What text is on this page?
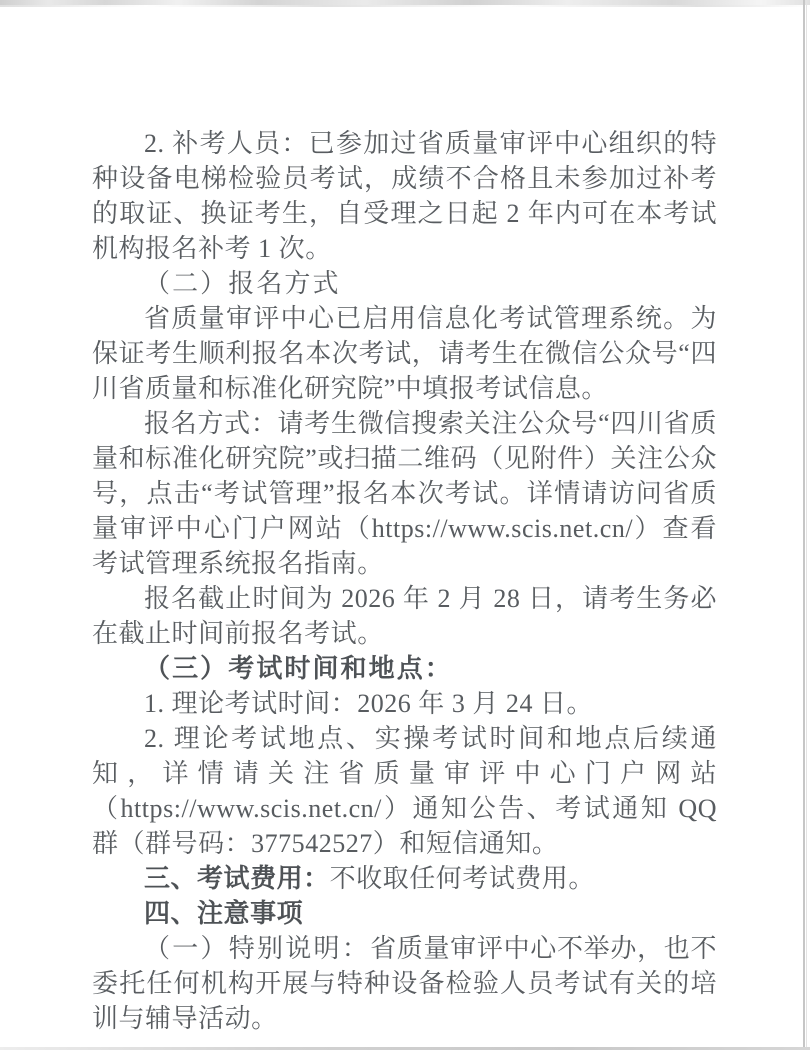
2. 补考人员：已参加过省质量审评中心组织的特种设备电梯检验员考试，成绩不合格且未参加过补考的取证、换证考生，自受理之日起 2 年内可在本考试机构报名补考 1 次。

（二）报名方式

省质量审评中心已启用信息化考试管理系统。为保证考生顺利报名本次考试，请考生在微信公众号“四川省质量和标准化研究院”中填报考试信息。

报名方式：请考生微信搜索关注公众号“四川省质量和标准化研究院”或扫描二维码（见附件）关注公众号，点击“考试管理”报名本次考试。详情请访问省质量审评中心门户网站（https://www.scis.net.cn/）查看考试管理系统报名指南。

报名截止时间为 2026 年 2 月 28 日，请考生务必在截止时间前报名考试。

（三）考试时间和地点：

1. 理论考试时间：2026 年 3 月 24 日。

2. 理论考试地点、实操考试时间和地点后续通知，详情请关注省质量审评中心门户网站（https://www.scis.net.cn/）通知公告、考试通知 QQ 群（群号码：377542527）和短信通知。

三、考试费用：不收取任何考试费用。

四、注意事项

（一）特别说明：省质量审评中心不举办，也不委托任何机构开展与特种设备检验人员考试有关的培训与辅导活动。
